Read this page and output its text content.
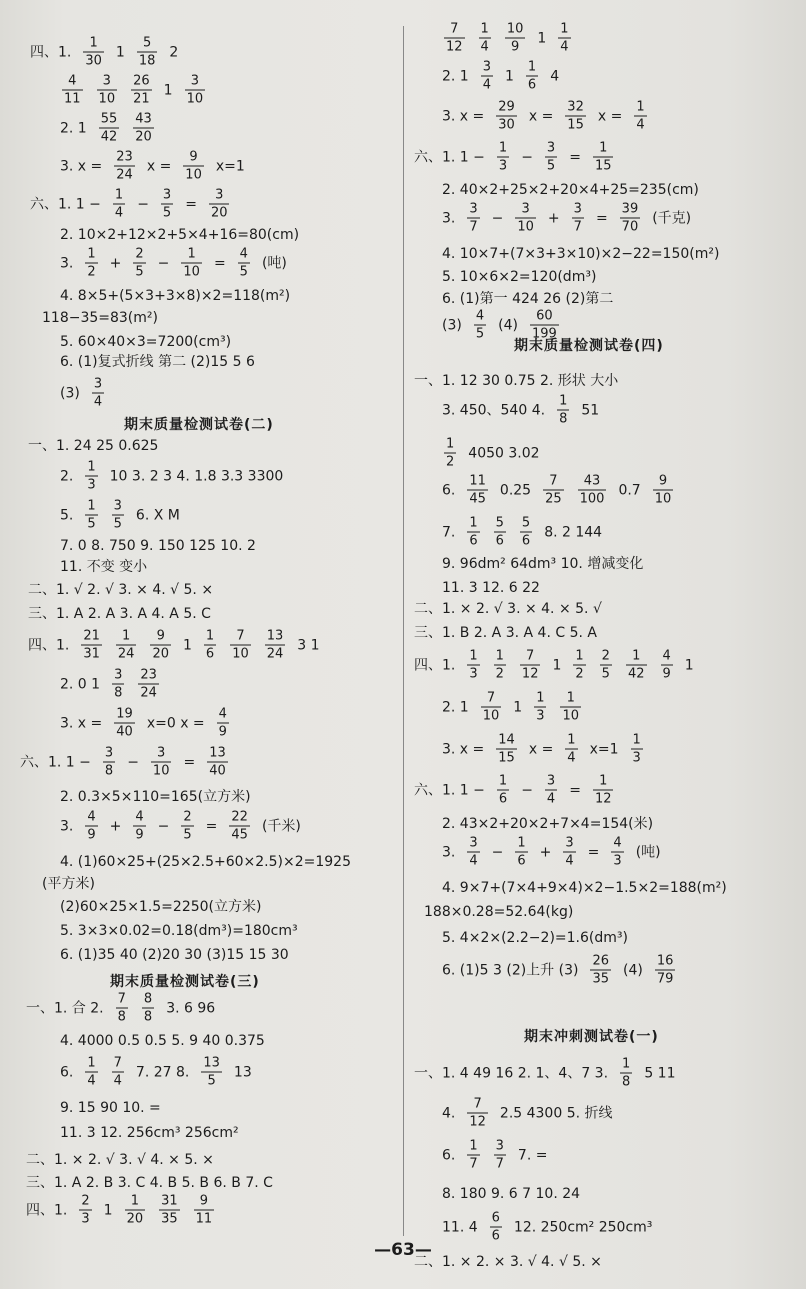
期末质量检测试卷(二)
期末质量检测试卷(三)
四、1. $\frac{1}{30} 1 \frac{5}{18} 2$
$\frac{4}{11} \frac{3}{10} \frac{26}{21} 1 \frac{3}{10}$
2. $1 \frac{55}{42} \frac{43}{20}$
3. $x = \frac{23}{24}$ $x = \frac{9}{10} x=1$
六、1. $1 - \frac{1}{4} - \frac{3}{5} = \frac{3}{20}$
2. 10×2+12×2+5×4+16=80(cm)
3. $\frac{1}{2} + \frac{2}{5} - \frac{1}{10} = \frac{4}{5}$ (吨)
4. 8×5+(5×3+3×8)×2=118(m²)
118−35=83(m²)
5. 60×40×3=7200(cm³)
6. (1)复式折线 第二 (2)15 5 6
$(3) \frac{3}{4}$
一、1. 24 25 0.625
2. $\frac{1}{3} 10$ 3. 2 3 4. 1.8 3.3 3300
5. $\frac{1}{5} \frac{3}{5} 6$. X M
7. 0 8. 750 9. 150 125 10. 2
11. 不变 变小
二、1. √ 2. √ 3. × 4. √ 5. ×
三、1. A 2. A 3. A 4. A 5. C
四、1. $\frac{21}{31} \frac{1}{24} \frac{9}{20} 1 \frac{1}{6} \frac{7}{10} \frac{13}{24} 3$ 1
2. 0 $1 \frac{3}{8} \frac{23}{24}$
3. $x = \frac{19}{40} x=0$ $x = \frac{4}{9}$
六、1. $1 - \frac{3}{8} - \frac{3}{10} = \frac{13}{40}$
2. 0.3×5×110=165(立方米)
3. $\frac{4}{9} + \frac{4}{9} - \frac{2}{5} = \frac{22}{45}$ (千米)
4. (1)60×25+(25×2.5+60×2.5)×2=1925
(平方米)
(2)60×25×1.5=2250(立方米)
5. 3×3×0.02=0.18(dm³)=180cm³
6. (1)35 40 (2)20 30 (3)15 15 30
一、1. 合 2. $\frac{7}{8} \frac{8}{8} 3$. 6 96
4. 4000 0.5 0.5 5. 9 40 0.375
6. $\frac{1}{4} \frac{7}{4} 7$. 27 8. $\frac{13}{5} 13$
9. 15 90 10. =
11. 3 12. 256cm³ 256cm²
二、1. × 2. √ 3. √ 4. × 5. ×
三、1. A 2. B 3. C 4. B 5. B 6. B 7. C
四、1. $\frac{2}{3} 1 \frac{1}{20} \frac{31}{35} \frac{9}{11}$
期末质量检测试卷(四)
期末冲刺测试卷(一)
$\frac{7}{12} \frac{1}{4} \frac{10}{9} 1 \frac{1}{4}$
2. $1 \frac{3}{4} 1 \frac{1}{6} 4$
3. $x = \frac{29}{30}$ $x = \frac{32}{15}$ $x = \frac{1}{4}$
六、1. $1 - \frac{1}{3} - \frac{3}{5} = \frac{1}{15}$
2. 40×2+25×2+20×4+25=235(cm)
3. $\frac{3}{7} - \frac{3}{10} + \frac{3}{7} = \frac{39}{70}$ (千克)
4. 10×7+(7×3+3×10)×2−22=150(m²)
5. 10×6×2=120(dm³)
6. (1)第一 424 26 (2)第二
$(3) \frac{4}{5} (4) \frac{60}{199}$
一、1. 12 30 0.75 2. 形状 大小
3. 450、540 4. $\frac{1}{8} 51$
$\frac{1}{2} 4050$ 3.02
6. $\frac{11}{45} 0.25 \frac{7}{25} \frac{43}{100} 0.7 \frac{9}{10}$
7. $\frac{1}{6} \frac{5}{6} \frac{5}{6} 8$. 2 144
9. 96dm² 64dm³ 10. 增减变化
11. 3 12. 6 22
二、1. × 2. √ 3. × 4. × 5. √
三、1. B 2. A 3. A 4. C 5. A
四、1. $\frac{1}{3} \frac{1}{2} \frac{7}{12} 1 \frac{1}{2} \frac{2}{5} \frac{1}{42} \frac{4}{9} 1$
2. $1 \frac{7}{10} 1 \frac{1}{3} \frac{1}{10}$
3. $x = \frac{14}{15}$ $x = \frac{1}{4} x=1 \frac{1}{3}$
六、1. $1 - \frac{1}{6} - \frac{3}{4} = \frac{1}{12}$
2. 43×2+20×2+7×4=154(米)
3. $\frac{3}{4} - \frac{1}{6} + \frac{3}{4} = \frac{4}{3}$ (吨)
4. 9×7+(7×4+9×4)×2−1.5×2=188(m²)
188×0.28=52.64(kg)
5. 4×2×(2.2−2)=1.6(dm³)
6. (1)5 3 (2)上升 $(3) \frac{26}{35} (4) \frac{16}{79}$
一、1. 4 49 16 2. 1、4、7 3. $\frac{1}{8} 5$ 11
4. $\frac{7}{12} 2.5$ 4300 5. 折线
6. $\frac{1}{7} \frac{3}{7} 7$. =
8. 180 9. 6 7 10. 24
11. $4 \frac{6}{6} 12$. 250cm² 250cm³
二、1. × 2. × 3. √ 4. √ 5. ×
—63—
